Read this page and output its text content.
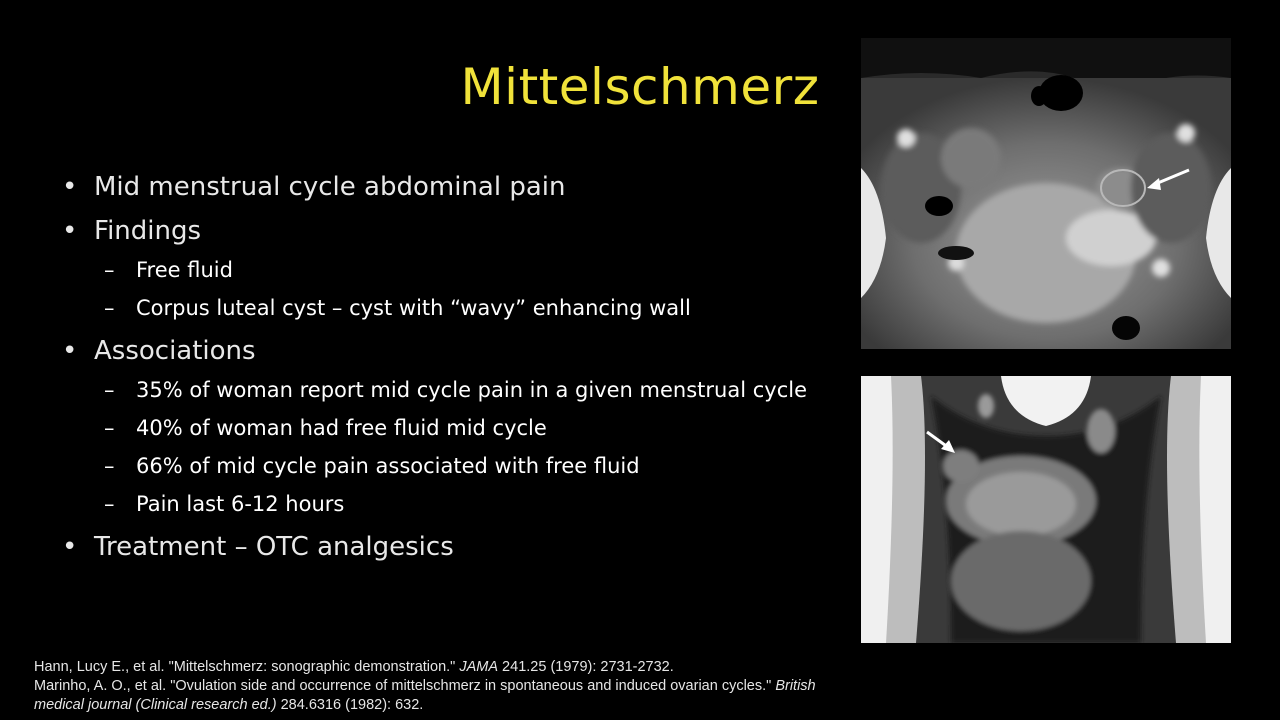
Mittelschmerz
• Mid menstrual cycle abdominal pain
• Findings
– Free fluid
– Corpus luteal cyst – cyst with “wavy” enhancing wall
• Associations
– 35% of woman report mid cycle pain in a given menstrual cycle
– 40% of woman had free fluid mid cycle
– 66% of mid cycle pain associated with free fluid
– Pain last 6-12 hours
• Treatment – OTC analgesics
Hann, Lucy E., et al. "Mittelschmerz: sonographic demonstration." JAMA 241.25 (1979): 2731-2732.
Marinho, A. O., et al. "Ovulation side and occurrence of mittelschmerz in spontaneous and induced ovarian cycles." British medical journal (Clinical research ed.) 284.6316 (1982): 632.
